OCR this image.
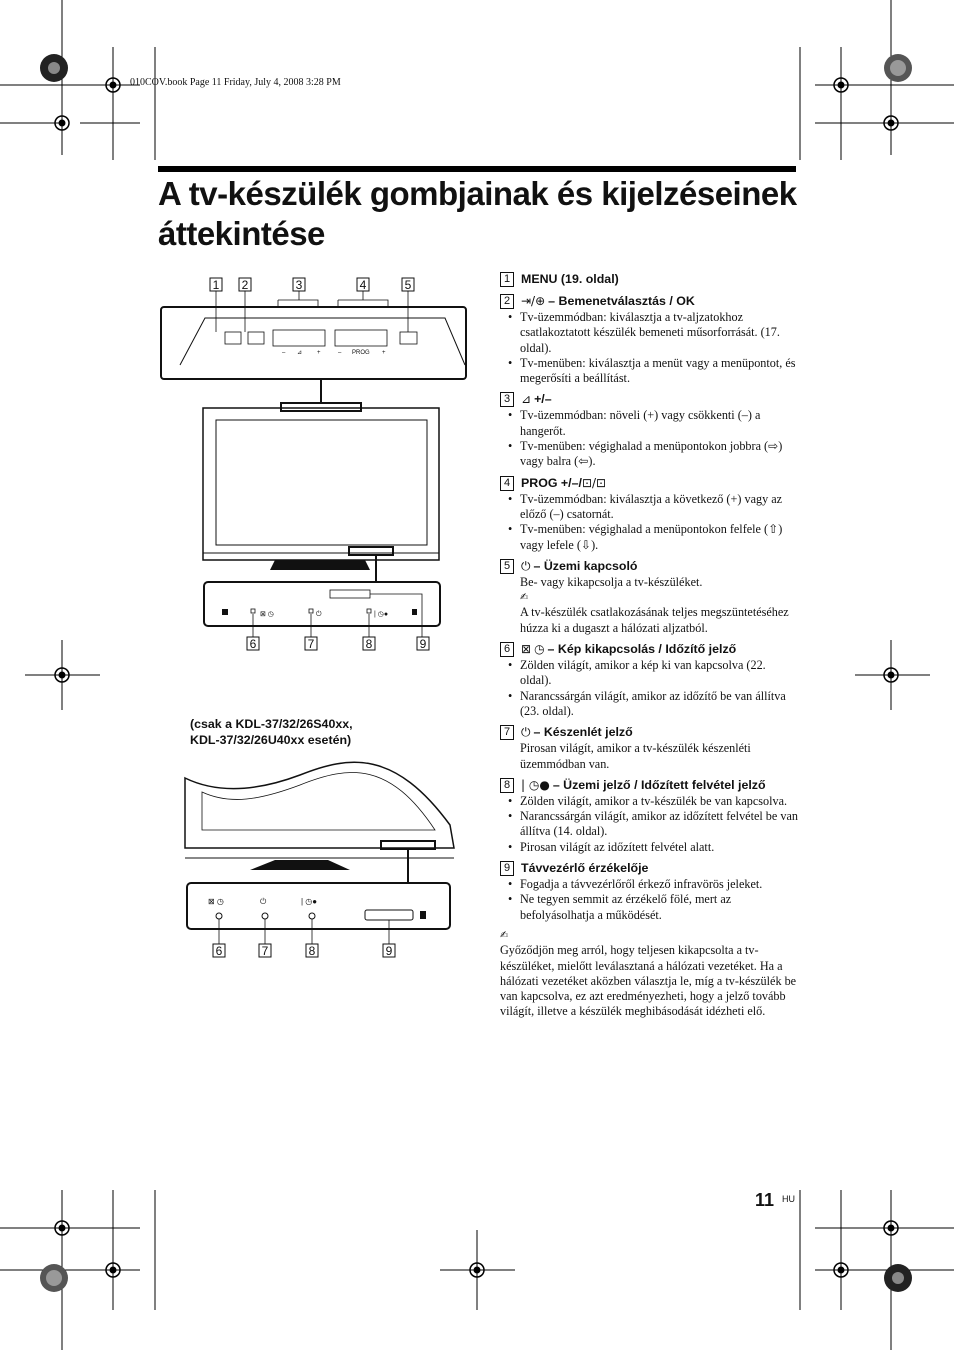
010COV.book Page 11 Friday, July 4, 2008 3:28 PM
A tv-készülék gombjainak és kijelzéseinek
áttekintése
1 2	3	4	5
– ⊿ +	– PROG +
⊠ ◷	⏻	| ◷●
6	7	8	9
⊠ ◷	⏻	| ◷●
6	7	8	9
(csak a KDL-37/32/26S40xx,
KDL-37/32/26U40xx esetén)
1 MENU (19. oldal)
2 ⇥/⊕ – Bemenetválasztás / OK
• Tv-üzemmódban: kiválasztja a tv-aljzatokhoz csatlakoztatott készülék bemeneti műsorforrását. (17. oldal).
• Tv-menüben: kiválasztja a menüt vagy a menüpontot, és megerősíti a beállítást.
3 ⊿ +/–
• Tv-üzemmódban: növeli (+) vagy csökkenti (–) a hangerőt.
• Tv-menüben: végighalad a menüpontokon jobbra (⇨) vagy balra (⇦).
4 PROG +/–/ ⊡/⊡
• Tv-üzemmódban: kiválasztja a következő (+) vagy az előző (–) csatornát.
• Tv-menüben: végighalad a menüpontokon felfele (⇧) vagy lefele (⇩).
5 ⏻ – Üzemi kapcsoló
Be- vagy kikapcsolja a tv-készüléket.
✍
A tv-készülék csatlakozásának teljes megszüntetéséhez húzza ki a dugaszt a hálózati aljzatból.
6 ⊠ ◷ – Kép kikapcsolás / Időzítő jelző
• Zölden világít, amikor a kép ki van kapcsolva (22. oldal).
• Narancssárgán világít, amikor az időzítő be van állítva (23. oldal).
7 ⏻ – Készenlét jelző
Pirosan világít, amikor a tv-készülék készenléti üzemmódban van.
8 | ◷● – Üzemi jelző / Időzített felvétel jelző
• Zölden világít, amikor a tv-készülék be van kapcsolva.
• Narancssárgán világít, amikor az időzített felvétel be van állítva (14. oldal).
• Pirosan világít az időzített felvétel alatt.
9 Távvezérlő érzékelője
• Fogadja a távvezérlőről érkező infravörös jeleket.
• Ne tegyen semmit az érzékelő fölé, mert az befolyásolhatja a működését.
✍
Győződjön meg arról, hogy teljesen kikapcsolta a tv-készüléket, mielőtt leválasztaná a hálózati vezetéket. Ha a hálózati vezetéket aközben választja le, míg a tv-készülék be van kapcsolva, ez azt eredményezheti, hogy a jelző tovább világít, illetve a készülék meghibásodását idézheti elő.
11 HU
